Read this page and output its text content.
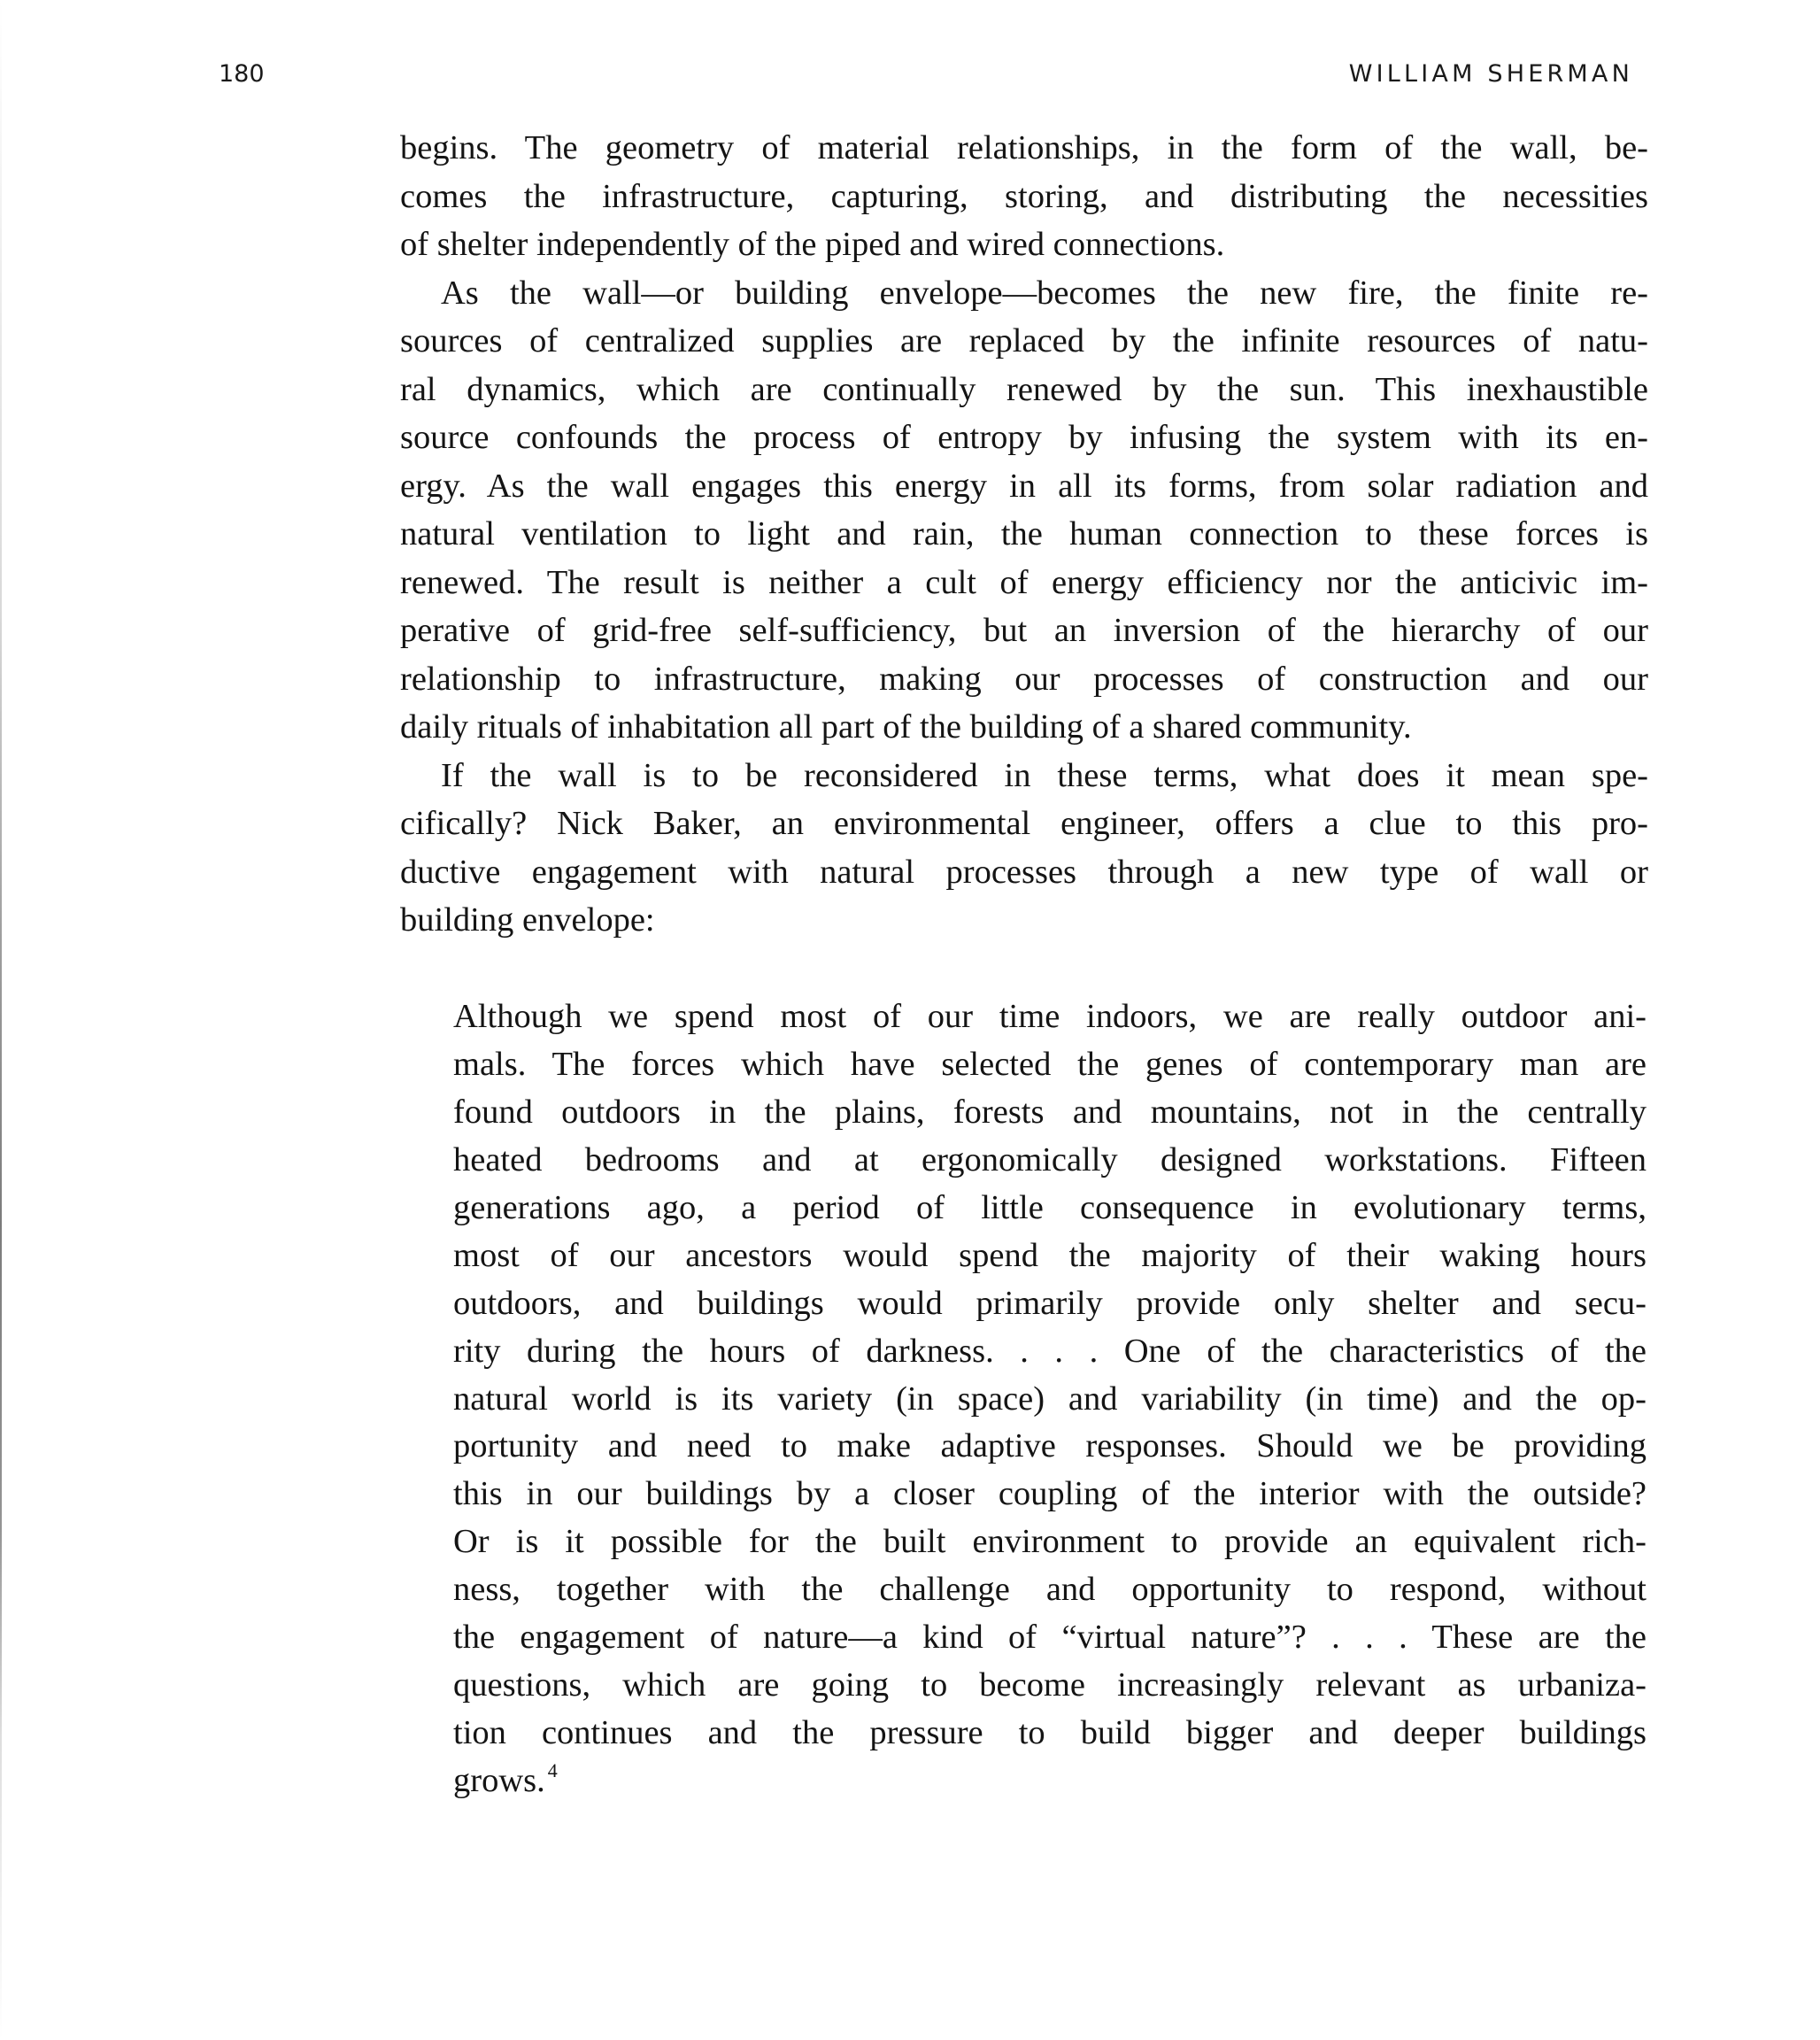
180	WILLIAM SHERMAN
begins. The geometry of material relationships, in the form of the wall, be-
comes the infrastructure, capturing, storing, and distributing the necessities
of shelter independently of the piped and wired connections.
As the wall—or building envelope—becomes the new fire, the finite re-
sources of centralized supplies are replaced by the infinite resources of natu-
ral dynamics, which are continually renewed by the sun. This inexhaustible
source confounds the process of entropy by infusing the system with its en-
ergy. As the wall engages this energy in all its forms, from solar radiation and
natural ventilation to light and rain, the human connection to these forces is
renewed. The result is neither a cult of energy efficiency nor the anticivic im-
perative of grid-free self-sufficiency, but an inversion of the hierarchy of our
relationship to infrastructure, making our processes of construction and our
daily rituals of inhabitation all part of the building of a shared community.
If the wall is to be reconsidered in these terms, what does it mean spe-
cifically? Nick Baker, an environmental engineer, offers a clue to this pro-
ductive engagement with natural processes through a new type of wall or
building envelope:
Although we spend most of our time indoors, we are really outdoor ani-
mals. The forces which have selected the genes of contemporary man are
found outdoors in the plains, forests and mountains, not in the centrally
heated bedrooms and at ergonomically designed workstations. Fifteen
generations ago, a period of little consequence in evolutionary terms,
most of our ancestors would spend the majority of their waking hours
outdoors, and buildings would primarily provide only shelter and secu-
rity during the hours of darkness. . . . One of the characteristics of the
natural world is its variety (in space) and variability (in time) and the op-
portunity and need to make adaptive responses. Should we be providing
this in our buildings by a closer coupling of the interior with the outside?
Or is it possible for the built environment to provide an equivalent rich-
ness, together with the challenge and opportunity to respond, without
the engagement of nature—a kind of “virtual nature”? . . . These are the
questions, which are going to become increasingly relevant as urbaniza-
tion continues and the pressure to build bigger and deeper buildings
grows. $^4$
